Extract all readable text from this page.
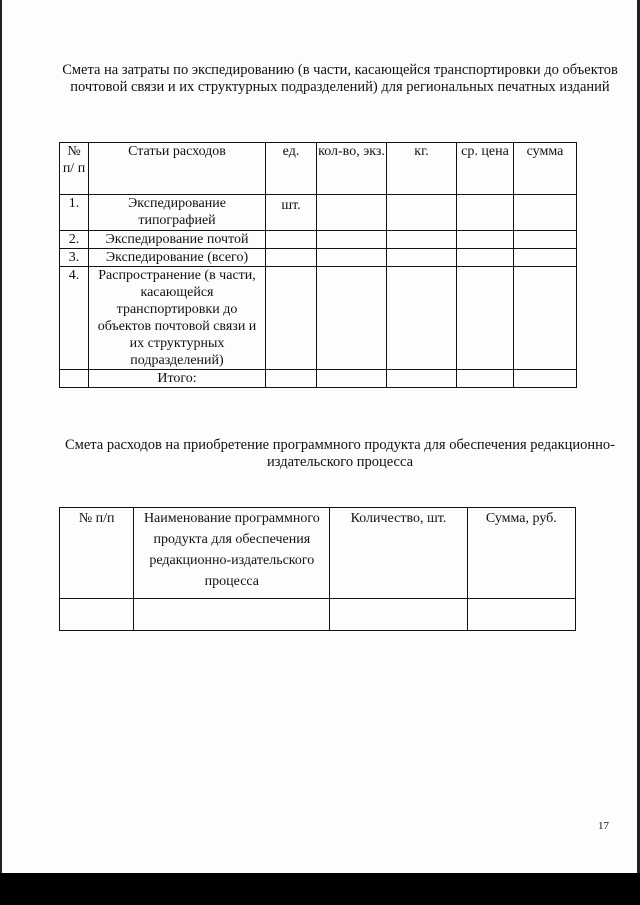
Смета на затраты по экспедированию (в части, касающейся транспортировки до объектов почтовой связи и их структурных подразделений) для региональных печатных изданий

№ п/ п	Статьи расходов	ед.	кол-во, экз.	кг.	ср. цена	сумма
1.	Экспедирование типографией	шт.				
2.	Экспедирование почтой					
3.	Экспедирование (всего)					
4.	Распространение (в части, касающейся транспортировки до объектов почтовой связи и их структурных подразделений)					
	Итого:					

Смета расходов на приобретение программного продукта для обеспечения редакционно-издательского процесса

№ п/п	Наименование программного продукта для обеспечения редакционно-издательского процесса	Количество, шт.	Сумма, руб.

17
